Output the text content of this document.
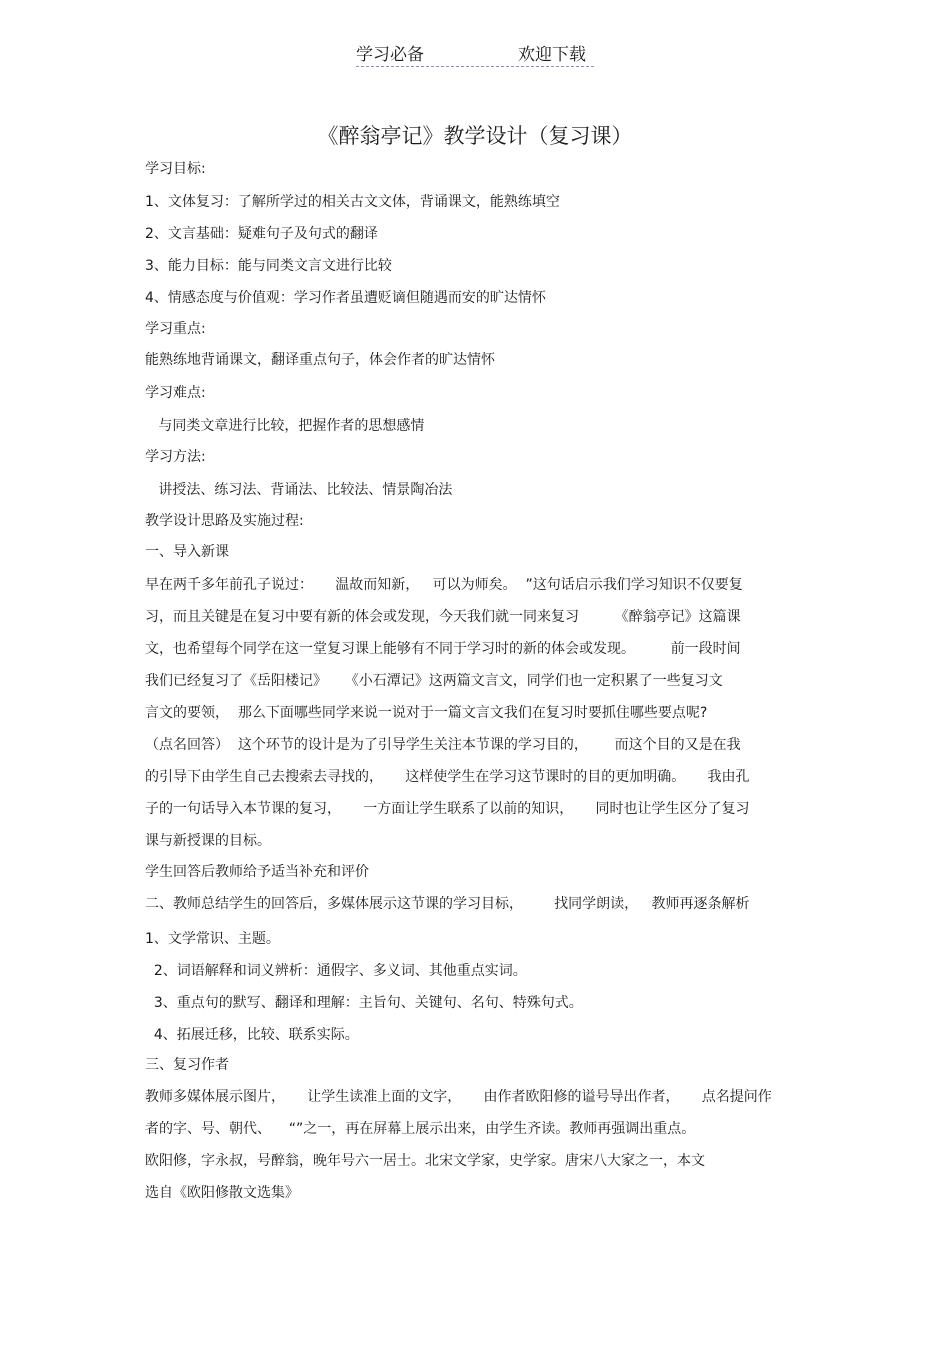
学习必备	欢迎下载
《醉翁亭记》教学设计（复习课）
学习目标:
1、文体复习：了解所学过的相关古文文体，背诵课文，能熟练填空
2、文言基础：疑难句子及句式的翻译
3、能力目标：能与同类文言文进行比较
4、情感态度与价值观：学习作者虽遭贬谪但随遇而安的旷达情怀
学习重点:
能熟练地背诵课文，翻译重点句子，体会作者的旷达情怀
学习难点:
与同类文章进行比较，把握作者的思想感情
学习方法:
讲授法、练习法、背诵法、比较法、情景陶冶法
教学设计思路及实施过程:
一、导入新课
早在两千多年前孔子说过：     温故而知新，   可以为师矣。  ”这句话启示我们学习知识不仅要复
习，而且关键是在复习中要有新的体会或发现，今天我们就一同来复习        《醉翁亭记》这篇课
文，也希望每个同学在这一堂复习课上能够有不同于学习时的新的体会或发现。        前一段时间
我们已经复习了《岳阳楼记》    《小石潭记》这两篇文言文，同学们也一定积累了一些复习文
言文的要领，  那么下面哪些同学来说一说对于一篇文言文我们在复习时要抓住哪些要点呢?
（点名回答）  这个环节的设计是为了引导学生关注本节课的学习目的，      而这个目的又是在我
的引导下由学生自己去搜索去寻找的，     这样使学生在学习这节课时的目的更加明确。     我由孔
子的一句话导入本节课的复习，     一方面让学生联系了以前的知识，     同时也让学生区分了复习
课与新授课的目标。
学生回答后教师给予适当补充和评价
二、教师总结学生的回答后，多媒体展示这节课的学习目标，       找同学朗读，   教师再逐条解析
1、文学常识、主题。
2、词语解释和词义辨析：通假字、多义词、其他重点实词。
3、重点句的默写、翻译和理解：主旨句、关键句、名句、特殊句式。
4、拓展迁移，比较、联系实际。
三、复习作者
教师多媒体展示图片，     让学生读准上面的文字，     由作者欧阳修的谥号导出作者，     点名提问作
者的字、号、朝代、    “”之一，再在屏幕上展示出来，由学生齐读。教师再强调出重点。
欧阳修，字永叔，号醉翁，晚年号六一居士。北宋文学家，史学家。唐宋八大家之一，本文
选自《欧阳修散文选集》
